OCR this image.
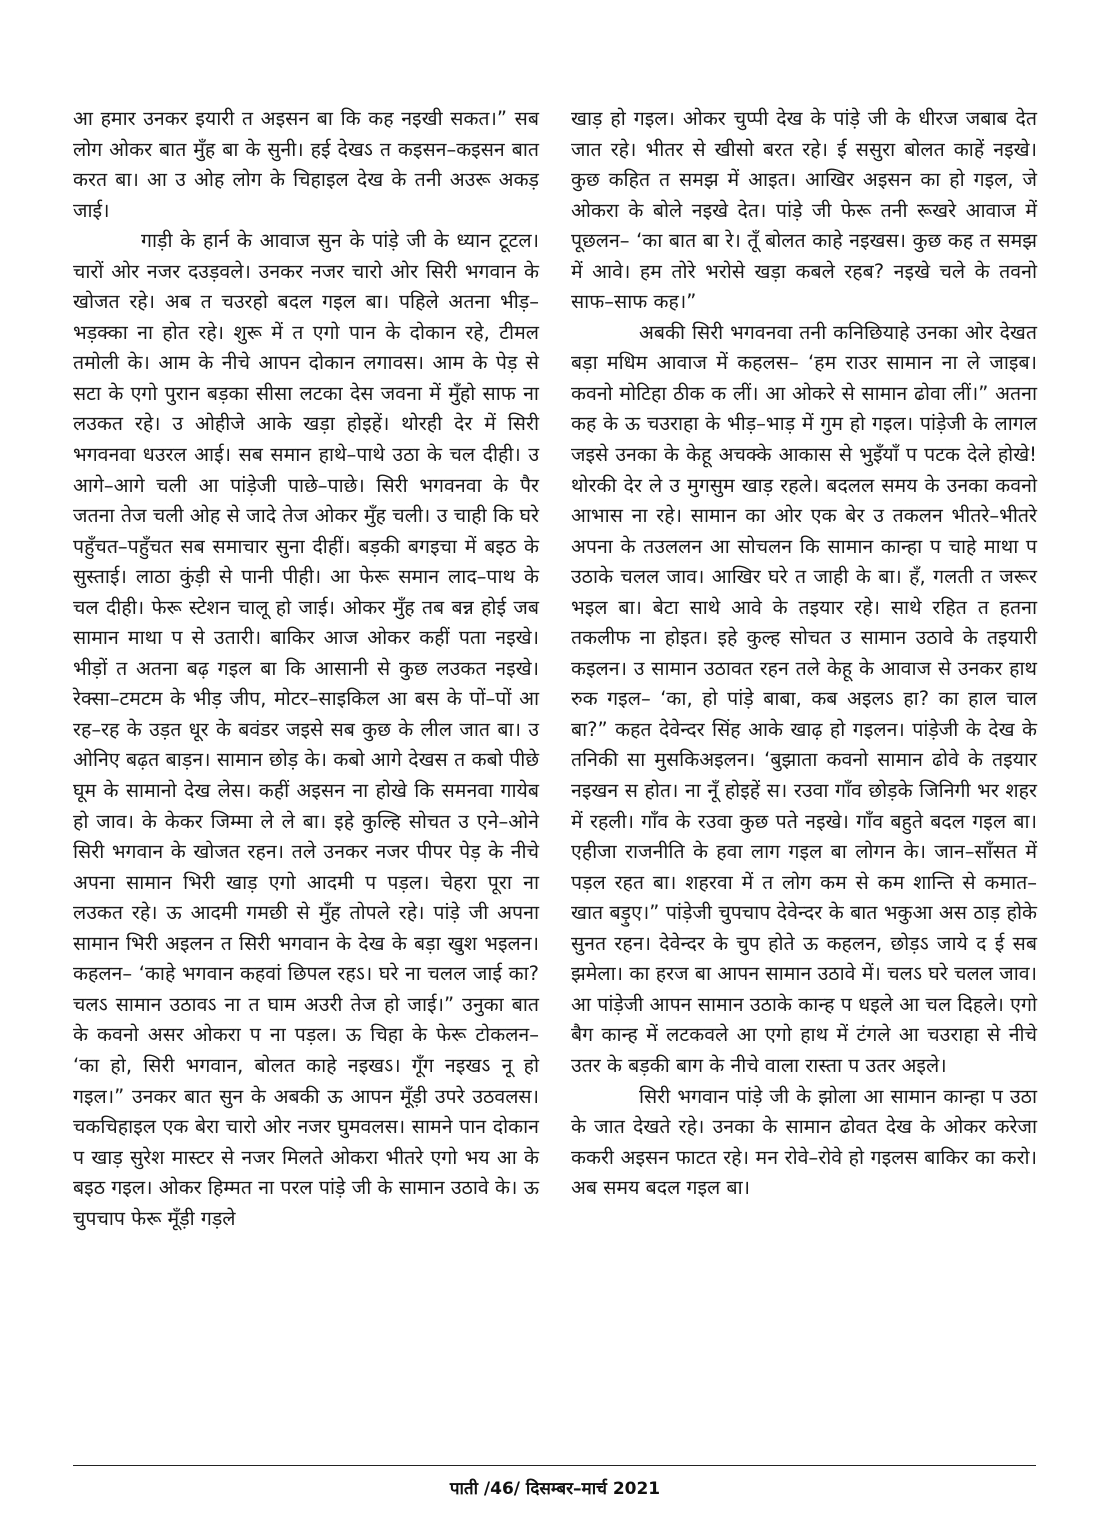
आ हमार उनकर इयारी त अइसन बा कि कह नइखी सकत।” सब लोग ओकर बात मुँह बा के सुनी। हई देखऽ त कइसन–कइसन बात करत बा। आ उ ओह लोग के चिहाइल देख के तनी अउरू अकड़ जाई।

गाड़ी के हार्न के आवाज सुन के पांड़े जी के ध्यान टूटल। चारों ओर नजर दउड़वले। उनकर नजर चारो ओर सिरी भगवान के खोजत रहे। अब त चउरहो बदल गइल बा। पहिले अतना भीड़–भड़क्का ना होत रहे। शुरू में त एगो पान के दोकान रहे, टीमल तमोली के। आम के नीचे आपन दोकान लगावस। आम के पेड़ से सटा के एगो पुरान बड़का सीसा लटका देस जवना में मुँहो साफ ना लउकत रहे। उ ओहीजे आके खड़ा होइहें। थोरही देर में सिरी भगवनवा धउरल आई। सब समान हाथे–पाथे उठा के चल दीही। उ आगे–आगे चली आ पांड़ेजी पाछे–पाछे। सिरी भगवनवा के पैर जतना तेज चली ओह से जादे तेज ओकर मुँह चली। उ चाही कि घरे पहुँचत–पहुँचत सब समाचार सुना दीहीं। बड़की बगइचा में बइठ के सुस्ताई। लाठा कुंड़ी से पानी पीही। आ फेरू समान लाद–पाथ के चल दीही। फेरू स्टेशन चालू हो जाई। ओकर मुँह तब बन्न होई जब सामान माथा प से उतारी। बाकिर आज ओकर कहीं पता नइखे। भीड़ों त अतना बढ़ गइल बा कि आसानी से कुछ लउकत नइखे। रेक्सा–टमटम के भीड़ जीप, मोटर–साइकिल आ बस के पों–पों आ रह–रह के उड़त धूर के बवंडर जइसे सब कुछ के लील जात बा। उ ओनिए बढ़त बाड़न। सामान छोड़ के। कबो आगे देखस त कबो पीछे घूम के सामानो देख लेस। कहीं अइसन ना होखे कि समनवा गायेब हो जाव। के केकर जिम्मा ले ले बा। इहे कुल्हि सोचत उ एने–ओने सिरी भगवान के खोजत रहन। तले उनकर नजर पीपर पेड़ के नीचे अपना सामान भिरी खाड़ एगो आदमी प पड़ल। चेहरा पूरा ना लउकत रहे। ऊ आदमी गमछी से मुँह तोपले रहे। पांड़े जी अपना सामान भिरी अइलन त सिरी भगवान के देख के बड़ा खुश भइलन। कहलन– ‘काहे भगवान कहवां छिपल रहऽ। घरे ना चलल जाई का? चलऽ सामान उठावऽ ना त घाम अउरी तेज हो जाई।” उनुका बात के कवनो असर ओकरा प ना पड़ल। ऊ चिहा के फेरू टोकलन– ‘का हो, सिरी भगवान, बोलत काहे नइखऽ। गूँग नइखऽ नू हो गइल।” उनकर बात सुन के अबकी ऊ आपन मूँड़ी उपरे उठवलस। चकचिहाइल एक बेरा चारो ओर नजर घुमवलस। सामने पान दोकान प खाड़ सुरेश मास्टर से नजर मिलते ओकरा भीतरे एगो भय आ के बइठ गइल। ओकर हिम्मत ना परल पांड़े जी के सामान उठावे के। ऊ चुपचाप फेरू मूँड़ी गड़ले

खाड़ हो गइल। ओकर चुप्पी देख के पांड़े जी के धीरज जबाब देत जात रहे। भीतर से खीसो बरत रहे। ई ससुरा बोलत काहें नइखे। कुछ कहित त समझ में आइत। आखिर अइसन का हो गइल, जे ओकरा के बोले नइखे देत। पांड़े जी फेरू तनी रूखरे आवाज में पूछलन– ‘का बात बा रे। तूँ बोलत काहे नइखस। कुछ कह त समझ में आवे। हम तोरे भरोसे खड़ा कबले रहब? नइखे चले के तवनो साफ–साफ कह।”

अबकी सिरी भगवनवा तनी कनिछियाहे उनका ओर देखत बड़ा मधिम आवाज में कहलस– ‘हम राउर सामान ना ले जाइब। कवनो मोटिहा ठीक क लीं। आ ओकरे से सामान ढोवा लीं।” अतना कह के ऊ चउराहा के भीड़–भाड़ में गुम हो गइल। पांड़ेजी के लागल जइसे उनका के केहू अचक्के आकास से भुइँयाँ प पटक देले होखे! थोरकी देर ले उ मुगसुम खाड़ रहले। बदलल समय के उनका कवनो आभास ना रहे। सामान का ओर एक बेर उ तकलन भीतरे–भीतरे अपना के तउललन आ सोचलन कि सामान कान्हा प चाहे माथा प उठाके चलल जाव। आखिर घरे त जाही के बा। हँ, गलती त जरूर भइल बा। बेटा साथे आवे के तइयार रहे। साथे रहित त हतना तकलीफ ना होइत। इहे कुल्ह सोचत उ सामान उठावे के तइयारी कइलन। उ सामान उठावत रहन तले केहू के आवाज से उनकर हाथ रुक गइल– ‘का, हो पांड़े बाबा, कब अइलऽ हा? का हाल चाल बा?” कहत देवेन्दर सिंह आके खाढ़ हो गइलन। पांड़ेजी के देख के तनिकी सा मुसकिअइलन। ‘बुझाता कवनो सामान ढोवे के तइयार नइखन स होत। ना नूँ होइहें स। रउवा गाँव छोड़के जिनिगी भर शहर में रहली। गाँव के रउवा कुछ पते नइखे। गाँव बहुते बदल गइल बा। एहीजा राजनीति के हवा लाग गइल बा लोगन के। जान–साँसत में पड़ल रहत बा। शहरवा में त लोग कम से कम शान्ति से कमात–खात बड़ुए।” पांड़ेजी चुपचाप देवेन्दर के बात भकुआ अस ठाड़ होके सुनत रहन। देवेन्दर के चुप होते ऊ कहलन, छोड़ऽ जाये द ई सब झमेला। का हरज बा आपन सामान उठावे में। चलऽ घरे चलल जाव। आ पांड़ेजी आपन सामान उठाके कान्ह प धइले आ चल दिहले। एगो बैग कान्ह में लटकवले आ एगो हाथ में टंगले आ चउराहा से नीचे उतर के बड़की बाग के नीचे वाला रास्ता प उतर अइले।

सिरी भगवान पांड़े जी के झोला आ सामान कान्हा प उठा के जात देखते रहे। उनका के सामान ढोवत देख के ओकर करेजा ककरी अइसन फाटत रहे। मन रोवे–रोवे हो गइलस बाकिर का करो। अब समय बदल गइल बा।

पाती /46/ दिसम्बर–मार्च 2021
